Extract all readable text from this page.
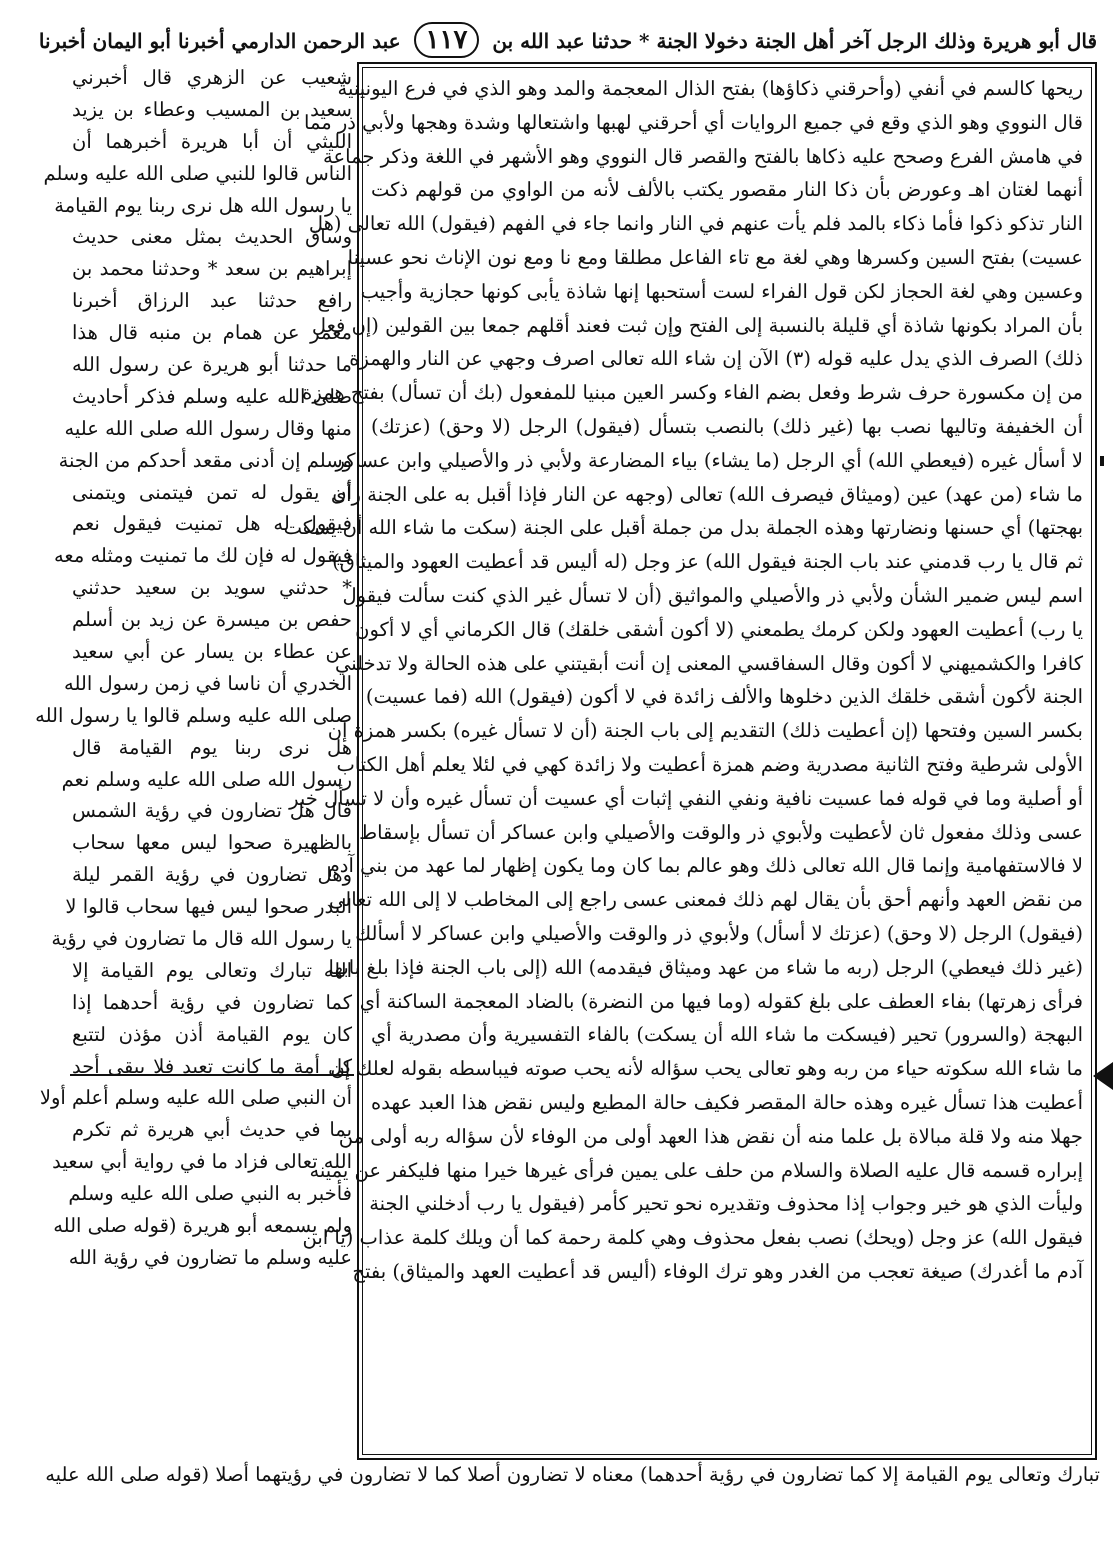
قال أبو هريرة وذلك الرجل آخر أهل الجنة دخولا الجنة * حدثنا عبد الله بن ١١٧ عبد الرحمن الدارمي أخبرنا أبو اليمان أخبرنا
ريحها كالسم في أنفي (وأحرقني ذكاؤها) بفتح الذال المعجمة والمد وهو الذي في فرع اليونينية
قال النووي وهو الذي وقع في جميع الروايات أي أحرقني لهبها واشتعالها وشدة وهجها ولأبي ذر مما
في هامش الفرع وصحح عليه ذكاها بالفتح والقصر قال النووي وهو الأشهر في اللغة وذكر جماعة
أنهما لغتان اهـ وعورض بأن ذكا النار مقصور يكتب بالألف لأنه من الواوي من قولهم ذكت
النار تذكو ذكوا فأما ذكاء بالمد فلم يأت عنهم في النار وانما جاء في الفهم (فيقول) الله تعالى (هل
عسيت) بفتح السين وكسرها وهي لغة مع تاء الفاعل مطلقا ومع نا ومع نون الإناث نحو عسينا
وعسين وهي لغة الحجاز لكن قول الفراء لست أستحبها إنها شاذة يأبى كونها حجازية وأجيب
بأن المراد بكونها شاذة أي قليلة بالنسبة إلى الفتح وإن ثبت فعند أقلهم جمعا بين القولين (إن فعل
ذلك) الصرف الذي يدل عليه قوله (٣) الآن إن شاء الله تعالى اصرف وجهي عن النار والهمزة
من إن مكسورة حرف شرط وفعل بضم الفاء وكسر العين مبنيا للمفعول (بك أن تسأل) بفتح همزة
أن الخفيفة وتاليها نصب بها (غير ذلك) بالنصب بتسأل (فيقول) الرجل (لا وحق) (عزتك)
لا أسأل غيره (فيعطي الله) أي الرجل (ما يشاء) بياء المضارعة ولأبي ذر والأصيلي وابن عساكر
ما شاء (من عهد) عين (وميثاق فيصرف الله) تعالى (وجهه عن النار فإذا أقبل به على الجنة رأى
بهجتها) أي حسنها ونضارتها وهذه الجملة بدل من جملة أقبل على الجنة (سكت ما شاء الله أن يسكت
ثم قال يا رب قدمني عند باب الجنة فيقول الله) عز وجل (له أليس قد أعطيت العهود والميثاق)
اسم ليس ضمير الشأن ولأبي ذر والأصيلي والمواثيق (أن لا تسأل غير الذي كنت سألت فيقول
يا رب) أعطيت العهود ولكن كرمك يطمعني (لا أكون أشقى خلقك) قال الكرماني أي لا أكون
كافرا والكشميهني لا أكون وقال السفاقسي المعنى إن أنت أبقيتني على هذه الحالة ولا تدخلني
الجنة لأكون أشقى خلقك الذين دخلوها والألف زائدة في لا أكون (فيقول) الله (فما عسيت)
بكسر السين وفتحها (إن أعطيت ذلك) التقديم إلى باب الجنة (أن لا تسأل غيره) بكسر همزة إن
الأولى شرطية وفتح الثانية مصدرية وضم همزة أعطيت ولا زائدة كهي في لئلا يعلم أهل الكتاب
أو أصلية وما في قوله فما عسيت نافية ونفي النفي إثبات أي عسيت أن تسأل غيره وأن لا تسأل خبر
عسى وذلك مفعول ثان لأعطيت ولأبوي ذر والوقت والأصيلي وابن عساكر أن تسأل بإسقاط
لا فالاستفهامية وإنما قال الله تعالى ذلك وهو عالم بما كان وما يكون إظهار لما عهد من بني آدم
من نقض العهد وأنهم أحق بأن يقال لهم ذلك فمعنى عسى راجع إلى المخاطب لا إلى الله تعالى
(فيقول) الرجل (لا وحق) (عزتك لا أسأل) ولأبوي ذر والوقت والأصيلي وابن عساكر لا أسألك
(غير ذلك فيعطي) الرجل (ربه ما شاء من عهد وميثاق فيقدمه) الله (إلى باب الجنة فإذا بلغ بابها
فرأى زهرتها) بفاء العطف على بلغ كقوله (وما فيها من النضرة) بالضاد المعجمة الساكنة أي
البهجة (والسرور) تحير (فيسكت ما شاء الله أن يسكت) بالفاء التفسيرية وأن مصدرية أي
ما شاء الله سكوته حياء من ربه وهو تعالى يحب سؤاله لأنه يحب صوته فيباسطه بقوله لعلك إن
أعطيت هذا تسأل غيره وهذه حالة المقصر فكيف حالة المطيع وليس نقض هذا العبد عهده
جهلا منه ولا قلة مبالاة بل علما منه أن نقض هذا العهد أولى من الوفاء لأن سؤاله ربه أولى من
إبراره قسمه قال عليه الصلاة والسلام من حلف على يمين فرأى غيرها خيرا منها فليكفر عن يمينه
وليأت الذي هو خير وجواب إذا محذوف وتقديره نحو تحير كأمر (فيقول يا رب أدخلني الجنة
فيقول الله) عز وجل (ويحك) نصب بفعل محذوف وهي كلمة رحمة كما أن ويلك كلمة عذاب (يا ابن
آدم ما أغدرك) صيغة تعجب من الغدر وهو ترك الوفاء (أليس قد أعطيت العهد والميثاق) بفتح
شعيب عن الزهري قال أخبرني
سعيد بن المسيب وعطاء بن يزيد
الليثي أن أبا هريرة أخبرهما أن
الناس قالوا للنبي صلى الله عليه وسلم
يا رسول الله هل نرى ربنا يوم القيامة
وساق الحديث بمثل معنى حديث
إبراهيم بن سعد * وحدثنا محمد بن
رافع حدثنا عبد الرزاق أخبرنا
معمر عن همام بن منبه قال هذا
ما حدثنا أبو هريرة عن رسول الله
صلى الله عليه وسلم فذكر أحاديث
منها وقال رسول الله صلى الله عليه
وسلم إن أدنى مقعد أحدكم من الجنة
أن يقول له تمن فيتمنى ويتمنى
فيقول له هل تمنيت فيقول نعم
فيقول له فإن لك ما تمنيت ومثله معه
* حدثني سويد بن سعيد حدثني
حفص بن ميسرة عن زيد بن أسلم
عن عطاء بن يسار عن أبي سعيد
الخدري أن ناسا في زمن رسول الله
صلى الله عليه وسلم قالوا يا رسول الله
هل نرى ربنا يوم القيامة قال
رسول الله صلى الله عليه وسلم نعم
قال هل تضارون في رؤية الشمس
بالظهيرة صحوا ليس معها سحاب
وهل تضارون في رؤية القمر ليلة
البدر صحوا ليس فيها سحاب قالوا لا
يا رسول الله قال ما تضارون في رؤية
الله تبارك وتعالى يوم القيامة إلا
كما تضارون في رؤية أحدهما إذا
كان يوم القيامة أذن مؤذن لتتبع
كل أمة ما كانت تعبد فلا يبقى أحد
أن النبي صلى الله عليه وسلم أعلم أولا
بما في حديث أبي هريرة ثم تكرم
الله تعالى فزاد ما في رواية أبي سعيد
فأخبر به النبي صلى الله عليه وسلم
ولم يسمعه أبو هريرة (قوله صلى الله
عليه وسلم ما تضارون في رؤية الله
تبارك وتعالى يوم القيامة إلا كما تضارون في رؤية أحدهما) معناه لا تضارون أصلا كما لا تضارون في رؤيتهما أصلا (قوله صلى الله عليه
